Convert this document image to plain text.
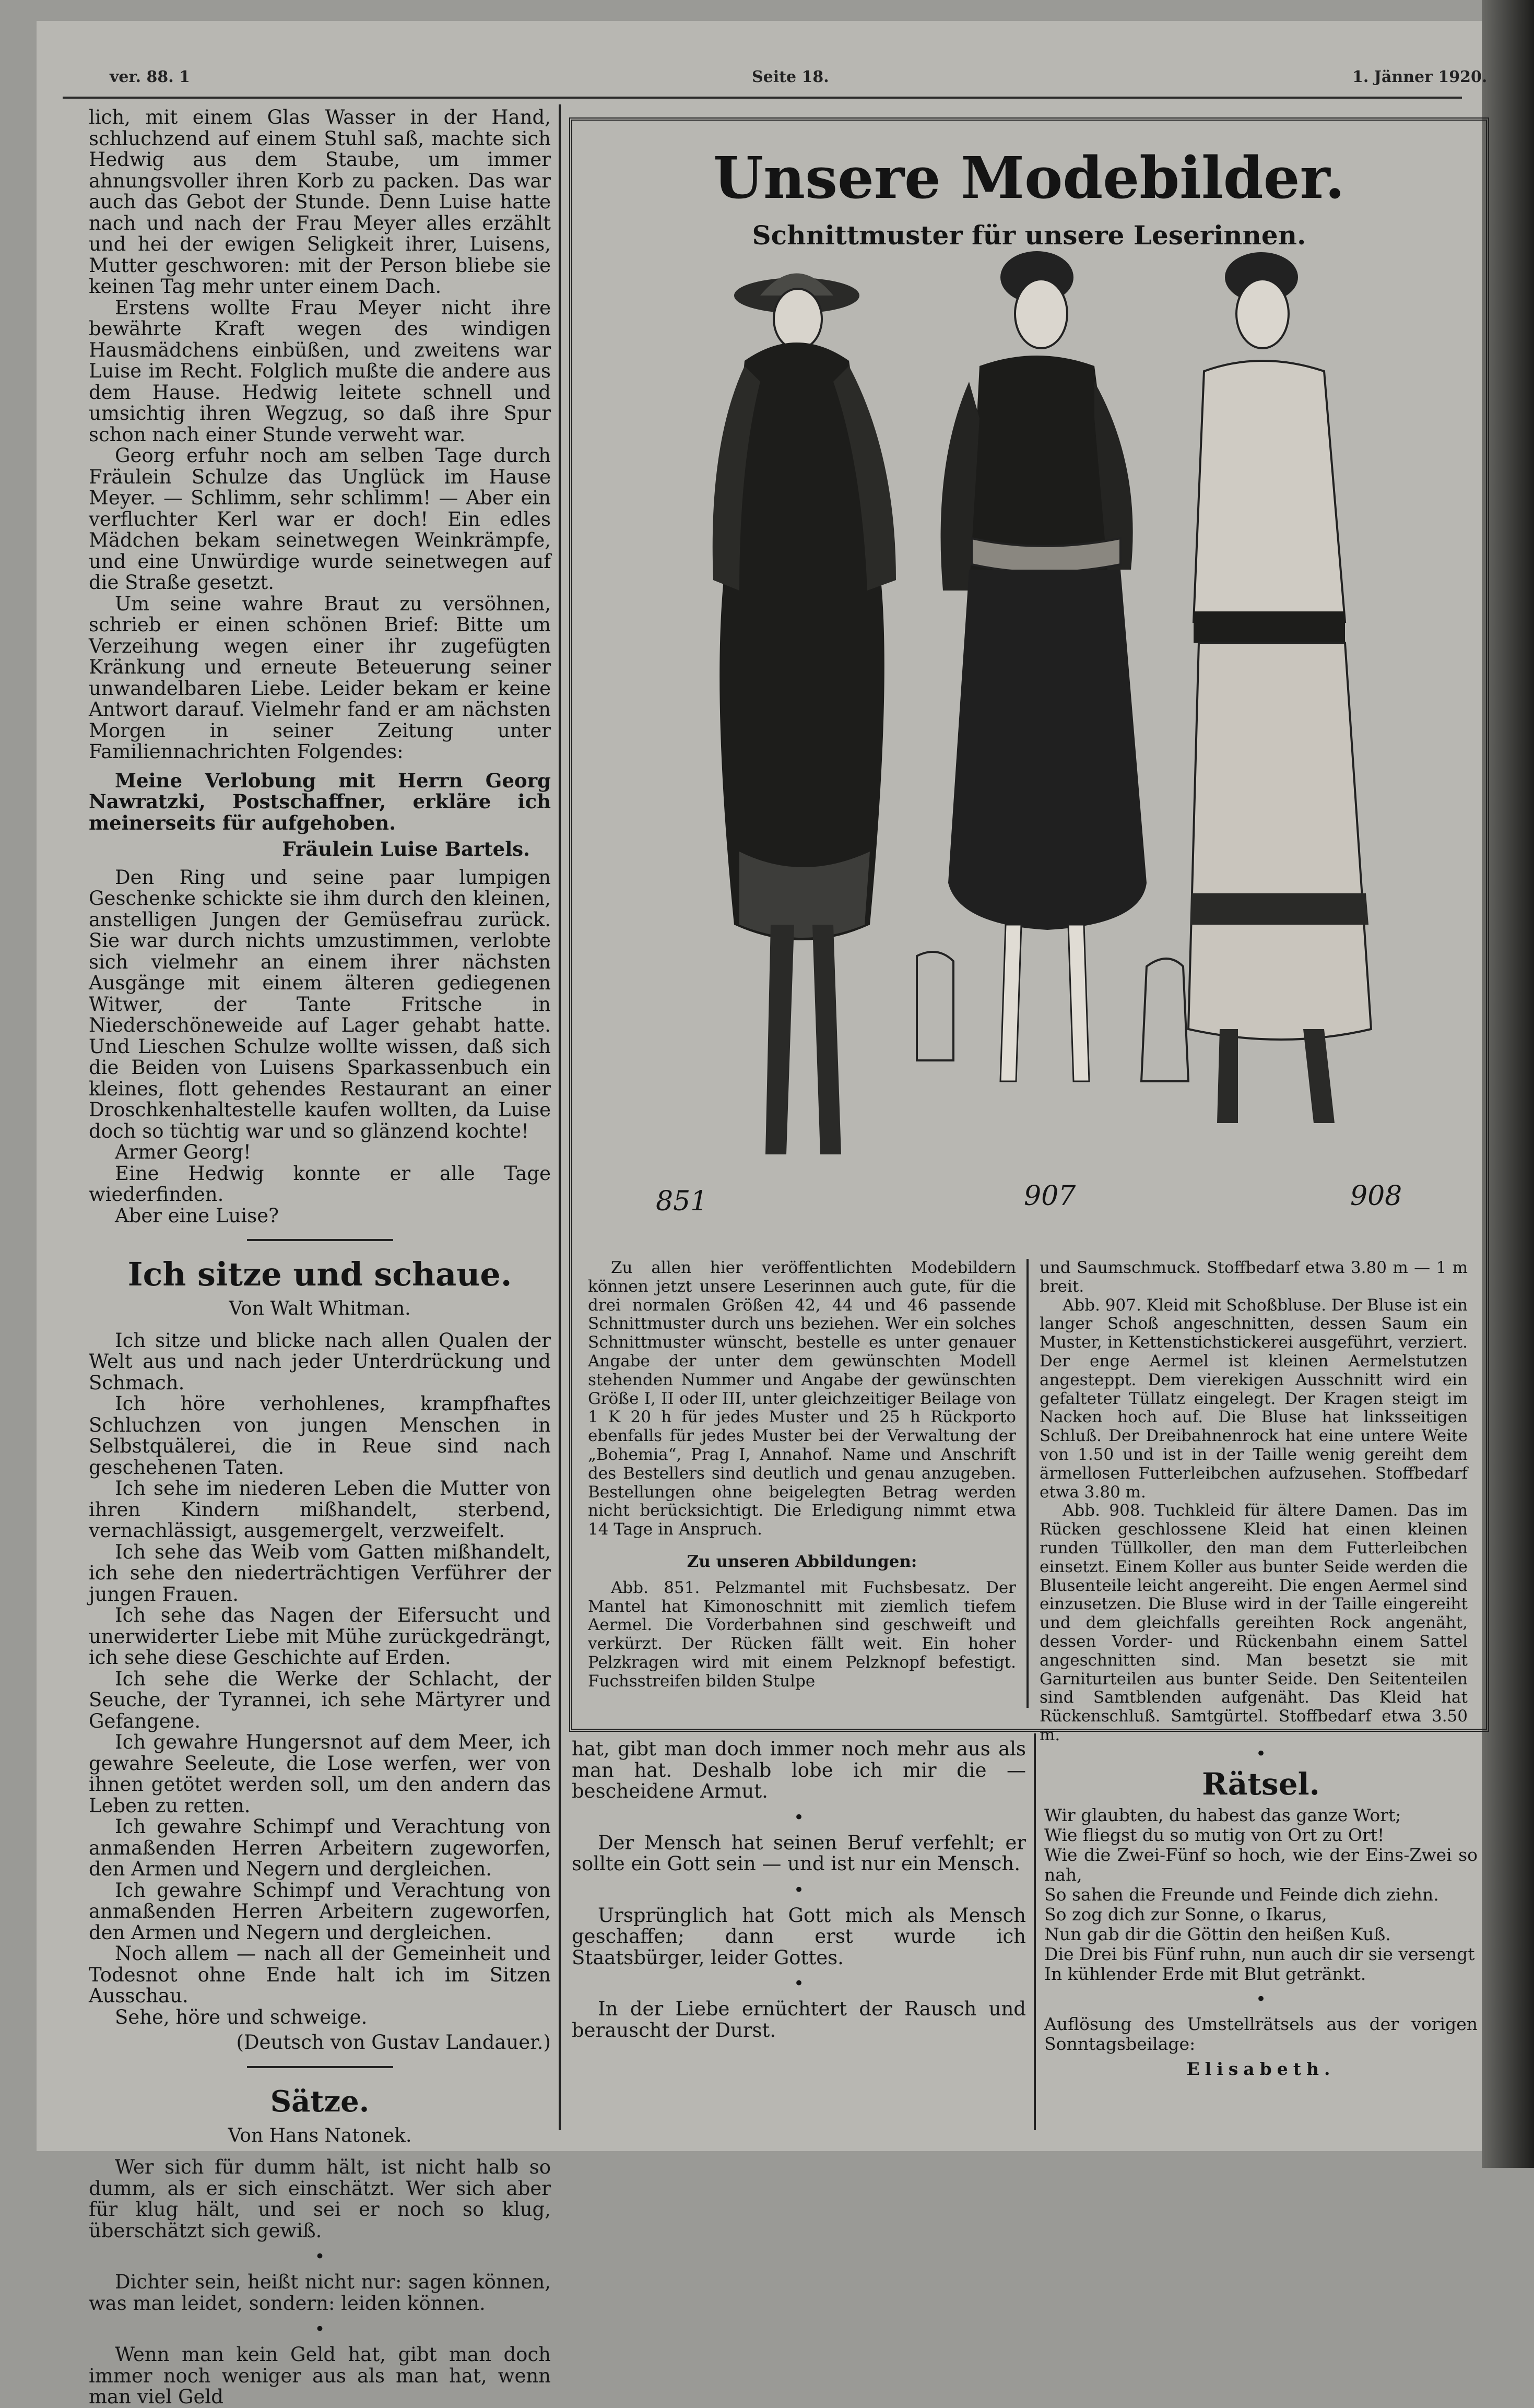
ver. 88. 1	Seite 18.	1. Jänner 1920.

lich, mit einem Glas Wasser in der Hand, schluchzend auf einem Stuhl saß, machte sich Hedwig aus dem Staube, um immer ahnungsvoller ihren Korb zu packen. Das war auch das Gebot der Stunde. Denn Luise hatte nach und nach der Frau Meyer alles erzählt und hei der ewigen Seligkeit ihrer, Luisens, Mutter geschworen: mit der Person bliebe sie keinen Tag mehr unter einem Dach.

Erstens wollte Frau Meyer nicht ihre bewährte Kraft wegen des windigen Hausmädchens einbüßen, und zweitens war Luise im Recht. Folglich mußte die andere aus dem Hause. Hedwig leitete schnell und umsichtig ihren Wegzug, so daß ihre Spur schon nach einer Stunde verweht war.

Georg erfuhr noch am selben Tage durch Fräulein Schulze das Unglück im Hause Meyer. — Schlimm, sehr schlimm! — Aber ein verfluchter Kerl war er doch! Ein edles Mädchen bekam seinetwegen Weinkrämpfe, und eine Unwürdige wurde seinetwegen auf die Straße gesetzt.

Um seine wahre Braut zu versöhnen, schrieb er einen schönen Brief: Bitte um Verzeihung wegen einer ihr zugefügten Kränkung und erneute Beteuerung seiner unwandelbaren Liebe. Leider bekam er keine Antwort darauf. Vielmehr fand er am nächsten Morgen in seiner Zeitung unter Familiennachrichten Folgendes:

Meine Verlobung mit Herrn Georg Nawratzki, Postschaffner, erkläre ich meinerseits für aufgehoben.

Fräulein Luise Bartels.

Den Ring und seine paar lumpigen Geschenke schickte sie ihm durch den kleinen, anstelligen Jungen der Gemüsefrau zurück. Sie war durch nichts umzustimmen, verlobte sich vielmehr an einem ihrer nächsten Ausgänge mit einem älteren gediegenen Witwer, der Tante Fritsche in Niederschöneweide auf Lager gehabt hatte. Und Lieschen Schulze wollte wissen, daß sich die Beiden von Luisens Sparkassenbuch ein kleines, flott gehendes Restaurant an einer Droschkenhaltestelle kaufen wollten, da Luise doch so tüchtig war und so glänzend kochte!

Armer Georg!

Eine Hedwig konnte er alle Tage wiederfinden.

Aber eine Luise?

Ich sitze und schaue.
Von Walt Whitman.

Ich sitze und blicke nach allen Qualen der Welt aus und nach jeder Unterdrückung und Schmach.

Ich höre verhohlenes, krampfhaftes Schluchzen von jungen Menschen in Selbstquälerei, die in Reue sind nach geschehenen Taten.

Ich sehe im niederen Leben die Mutter von ihren Kindern mißhandelt, sterbend, vernachlässigt, ausgemergelt, verzweifelt.

Ich sehe das Weib vom Gatten mißhandelt, ich sehe den niederträchtigen Verführer der jungen Frauen.

Ich sehe das Nagen der Eifersucht und unerwiderter Liebe mit Mühe zurückgedrängt, ich sehe diese Geschichte auf Erden.

Ich sehe die Werke der Schlacht, der Seuche, der Tyrannei, ich sehe Märtyrer und Gefangene.

Ich gewahre Hungersnot auf dem Meer, ich gewahre Seeleute, die Lose werfen, wer von ihnen getötet werden soll, um den andern das Leben zu retten.

Ich gewahre Schimpf und Verachtung von anmaßenden Herren Arbeitern zugeworfen, den Armen und Negern und dergleichen.

Ich gewahre Schimpf und Verachtung von anmaßenden Herren Arbeitern zugeworfen, den Armen und Negern und dergleichen.

Noch allem — nach all der Gemeinheit und Todesnot ohne Ende halt ich im Sitzen Ausschau.

Sehe, höre und schweige.

(Deutsch von Gustav Landauer.)

Sätze.
Von Hans Natonek.

Wer sich für dumm hält, ist nicht halb so dumm, als er sich einschätzt. Wer sich aber für klug hält, und sei er noch so klug, überschätzt sich gewiß.

•

Dichter sein, heißt nicht nur: sagen können, was man leidet, sondern: leiden können.

•

Wenn man kein Geld hat, gibt man doch immer noch weniger aus als man hat, wenn man viel Geld

Unsere Modebilder.
Schnittmuster für unsere Leserinnen.
851	907	908

Zu allen hier veröffentlichten Modebildern können jetzt unsere Leserinnen auch gute, für die drei normalen Größen 42, 44 und 46 passende Schnittmuster durch uns beziehen. Wer ein solches Schnittmuster wünscht, bestelle es unter genauer Angabe der unter dem gewünschten Modell stehenden Nummer und Angabe der gewünschten Größe I, II oder III, unter gleichzeitiger Beilage von 1 K 20 h für jedes Muster und 25 h Rückporto ebenfalls für jedes Muster bei der Verwaltung der „Bohemia“, Prag I, Annahof. Name und Anschrift des Bestellers sind deutlich und genau anzugeben. Bestellungen ohne beigelegten Betrag werden nicht berücksichtigt. Die Erledigung nimmt etwa 14 Tage in Anspruch.

Zu unseren Abbildungen:

Abb. 851. Pelzmantel mit Fuchsbesatz. Der Mantel hat Kimonoschnitt mit ziemlich tiefem Aermel. Die Vorderbahnen sind geschweift und verkürzt. Der Rücken fällt weit. Ein hoher Pelzkragen wird mit einem Pelzknopf befestigt. Fuchsstreifen bilden Stulpe

und Saumschmuck. Stoffbedarf etwa 3.80 m — 1 m breit.

Abb. 907. Kleid mit Schoßbluse. Der Bluse ist ein langer Schoß angeschnitten, dessen Saum ein Muster, in Kettenstichstickerei ausgeführt, verziert. Der enge Aermel ist kleinen Aermelstutzen angesteppt. Dem vierekigen Ausschnitt wird ein gefalteter Tüllatz eingelegt. Der Kragen steigt im Nacken hoch auf. Die Bluse hat linksseitigen Schluß. Der Dreibahnenrock hat eine untere Weite von 1.50 und ist in der Taille wenig gereiht dem ärmellosen Futterleibchen aufzusehen. Stoffbedarf etwa 3.80 m.

Abb. 908. Tuchkleid für ältere Damen. Das im Rücken geschlossene Kleid hat einen kleinen runden Tüllkoller, den man dem Futterleibchen einsetzt. Einem Koller aus bunter Seide werden die Blusenteile leicht angereiht. Die engen Aermel sind einzusetzen. Die Bluse wird in der Taille eingereiht und dem gleichfalls gereihten Rock angenäht, dessen Vorder- und Rückenbahn einem Sattel angeschnitten sind. Man besetzt sie mit Garniturteilen aus bunter Seide. Den Seitenteilen sind Samtblenden aufgenäht. Das Kleid hat Rückenschluß. Samtgürtel. Stoffbedarf etwa 3.50 m.

hat, gibt man doch immer noch mehr aus als man hat. Deshalb lobe ich mir die — bescheidene Armut.

•

Der Mensch hat seinen Beruf verfehlt; er sollte ein Gott sein — und ist nur ein Mensch.

•

Ursprünglich hat Gott mich als Mensch geschaffen; dann erst wurde ich Staatsbürger, leider Gottes.

•

In der Liebe ernüchtert der Rausch und berauscht der Durst.

•
Rätsel.

Wir glaubten, du habest das ganze Wort;

Wie fliegst du so mutig von Ort zu Ort!

Wie die Zwei-Fünf so hoch, wie der Eins-Zwei so nah,

So sahen die Freunde und Feinde dich ziehn.

So zog dich zur Sonne, o Ikarus,

Nun gab dir die Göttin den heißen Kuß.

Die Drei bis Fünf ruhn, nun auch dir sie versengt

In kühlender Erde mit Blut getränkt.

•

Auflösung des Umstellrätsels aus der vorigen Sonntagsbeilage:

Elisabeth.
